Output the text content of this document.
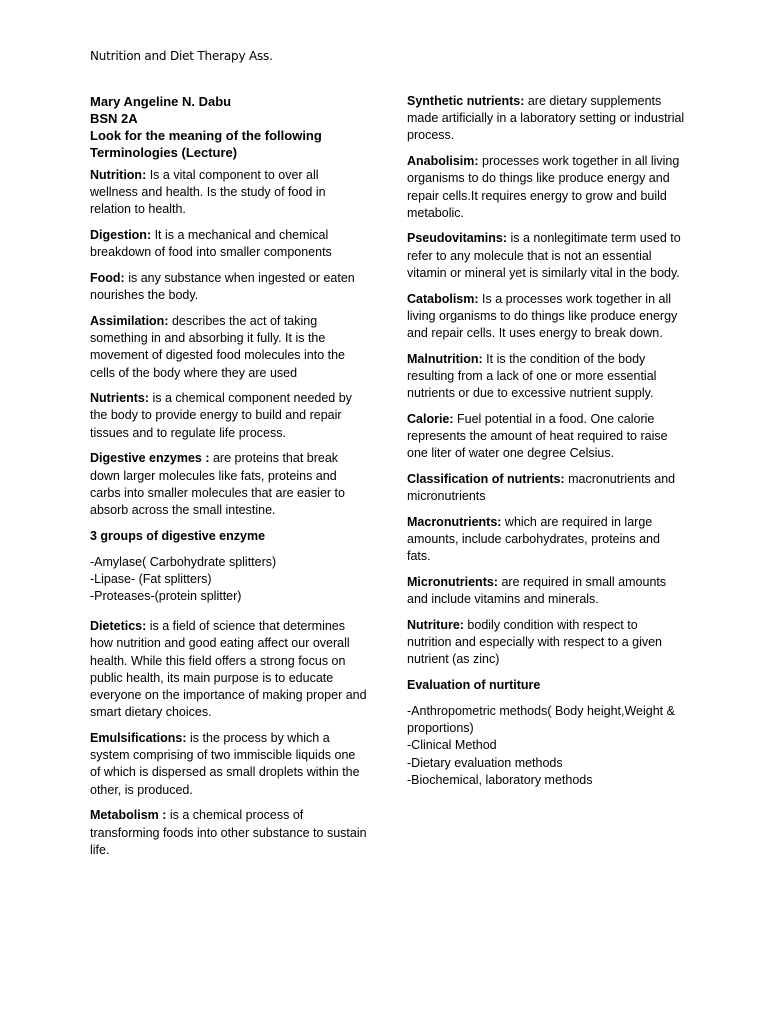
Nutrition and Diet Therapy Ass.
Mary Angeline N. Dabu
BSN 2A
Look for the meaning of the following Terminologies (Lecture)

Nutrition: Is a vital component to over all wellness and health. Is the study of food in relation to health.

Digestion: It is a mechanical and chemical breakdown of food into smaller components

Food: is any substance when ingested or eaten nourishes the body.

Assimilation: describes the act of taking something in and absorbing it fully. It is the movement of digested food molecules into the cells of the body where they are used

Nutrients: is a chemical component needed by the body to provide energy to build and repair tissues and to regulate life process.

Digestive enzymes : are proteins that break down larger molecules like fats, proteins and carbs into smaller molecules that are easier to absorb across the small intestine.

3 groups of digestive enzyme
-Amylase( Carbohydrate splitters)
-Lipase- (Fat splitters)
-Proteases-(protein splitter)

Dietetics: is a field of science that determines how nutrition and good eating affect our overall health. While this field offers a strong focus on public health, its main purpose is to educate everyone on the importance of making proper and smart dietary choices.

Emulsifications: is the process by which a system comprising of two immiscible liquids one of which is dispersed as small droplets within the other, is produced.

Metabolism : is a chemical process of transforming foods into other substance to sustain life.

Synthetic nutrients: are dietary supplements made artificially in a laboratory setting or industrial process.

Anabolisim: processes work together in all living organisms to do things like produce energy and repair cells.It requires energy to grow and build metabolic.

Pseudovitamins: is a nonlegitimate term used to refer to any molecule that is not an essential vitamin or mineral yet is similarly vital in the body.

Catabolism: Is a processes work together in all living organisms to do things like produce energy and repair cells. It uses energy to break down.

Malnutrition: It is the condition of the body resulting from a lack of one or more essential nutrients or due to excessive nutrient supply.

Calorie: Fuel potential in a food. One calorie represents the amount of heat required to raise one liter of water one degree Celsius.

Classification of nutrients: macronutrients and micronutrients

Macronutrients: which are required in large amounts, include carbohydrates, proteins and fats.

Micronutrients: are required in small amounts and include vitamins and minerals.

Nutriture: bodily condition with respect to nutrition and especially with respect to a given nutrient (as zinc)

Evaluation of nurtiture
-Anthropometric methods( Body height,Weight & proportions)
-Clinical Method
-Dietary evaluation methods
-Biochemical, laboratory methods
